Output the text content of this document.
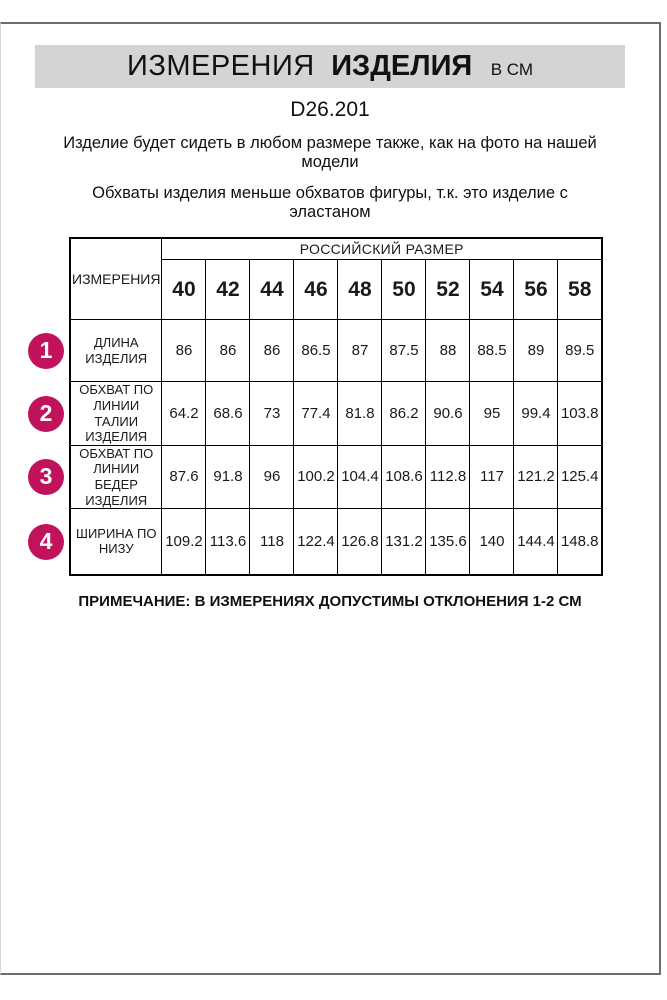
ИЗМЕРЕНИЯ ИЗДЕЛИЯ В СМ
D26.201

Изделие будет сидеть в любом размере также, как на фото на нашей модели

Обхваты изделия меньше обхватов фигуры, т.к. это изделие с эластаном

ИЗМЕРЕНИЯ	РОССИЙСКИЙ РАЗМЕР									
	40	42	44	46	48	50	52	54	56	58
ДЛИНА ИЗДЕЛИЯ	86	86	86	86.5	87	87.5	88	88.5	89	89.5
ОБХВАТ ПО ЛИНИИ ТАЛИИ ИЗДЕЛИЯ	64.2	68.6	73	77.4	81.8	86.2	90.6	95	99.4	103.8
ОБХВАТ ПО ЛИНИИ БЕДЕР ИЗДЕЛИЯ	87.6	91.8	96	100.2	104.4	108.6	112.8	117	121.2	125.4
ШИРИНА ПО НИЗУ	109.2	113.6	118	122.4	126.8	131.2	135.6	140	144.4	148.8
1
2
3
4

ПРИМЕЧАНИЕ: В ИЗМЕРЕНИЯХ ДОПУСТИМЫ ОТКЛОНЕНИЯ 1-2 СМ
